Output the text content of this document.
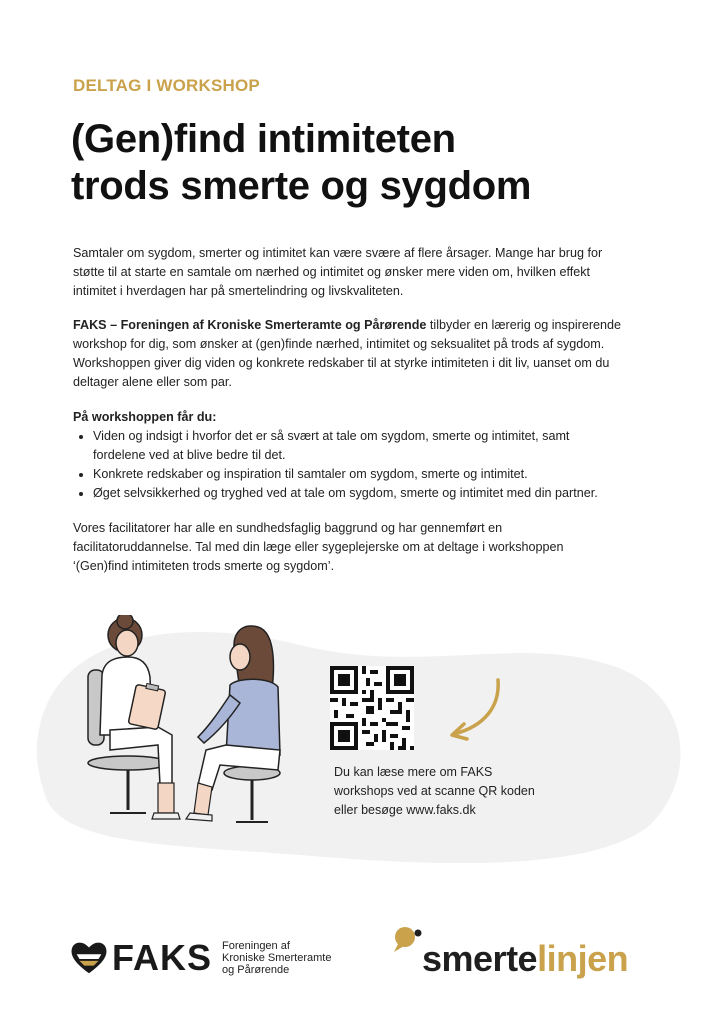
DELTAG I WORKSHOP
(Gen)find intimiteten
trods smerte og sygdom
Samtaler om sygdom, smerter og intimitet kan være svære af flere årsager. Mange har brug for
støtte til at starte en samtale om nærhed og intimitet og ønsker mere viden om, hvilken effekt
intimitet i hverdagen har på smertelindring og livskvaliteten.
FAKS – Foreningen af Kroniske Smerteramte og Pårørende tilbyder en lærerig og inspirerende
workshop for dig, som ønsker at (gen)finde nærhed, intimitet og seksualitet på trods af sygdom.
Workshoppen giver dig viden og konkrete redskaber til at styrke intimiteten i dit liv, uanset om du
deltager alene eller som par.
På workshoppen får du:
• Viden og indsigt i hvorfor det er så svært at tale om sygdom, smerte og intimitet, samt
fordelene ved at blive bedre til det.
• Konkrete redskaber og inspiration til samtaler om sygdom, smerte og intimitet.
• Øget selvsikkerhed og tryghed ved at tale om sygdom, smerte og intimitet med din partner.
Vores facilitatorer har alle en sundhedsfaglig baggrund og har gennemført en
facilitatoruddannelse. Tal med din læge eller sygeplejerske om at deltage i workshoppen
‘(Gen)find intimiteten trods smerte og sygdom’.
Du kan læse mere om FAKS
workshops ved at scanne QR koden
eller besøge www.faks.dk
FAKS Foreningen af
Kroniske Smerteramte
og Pårørende	smertelinjen
